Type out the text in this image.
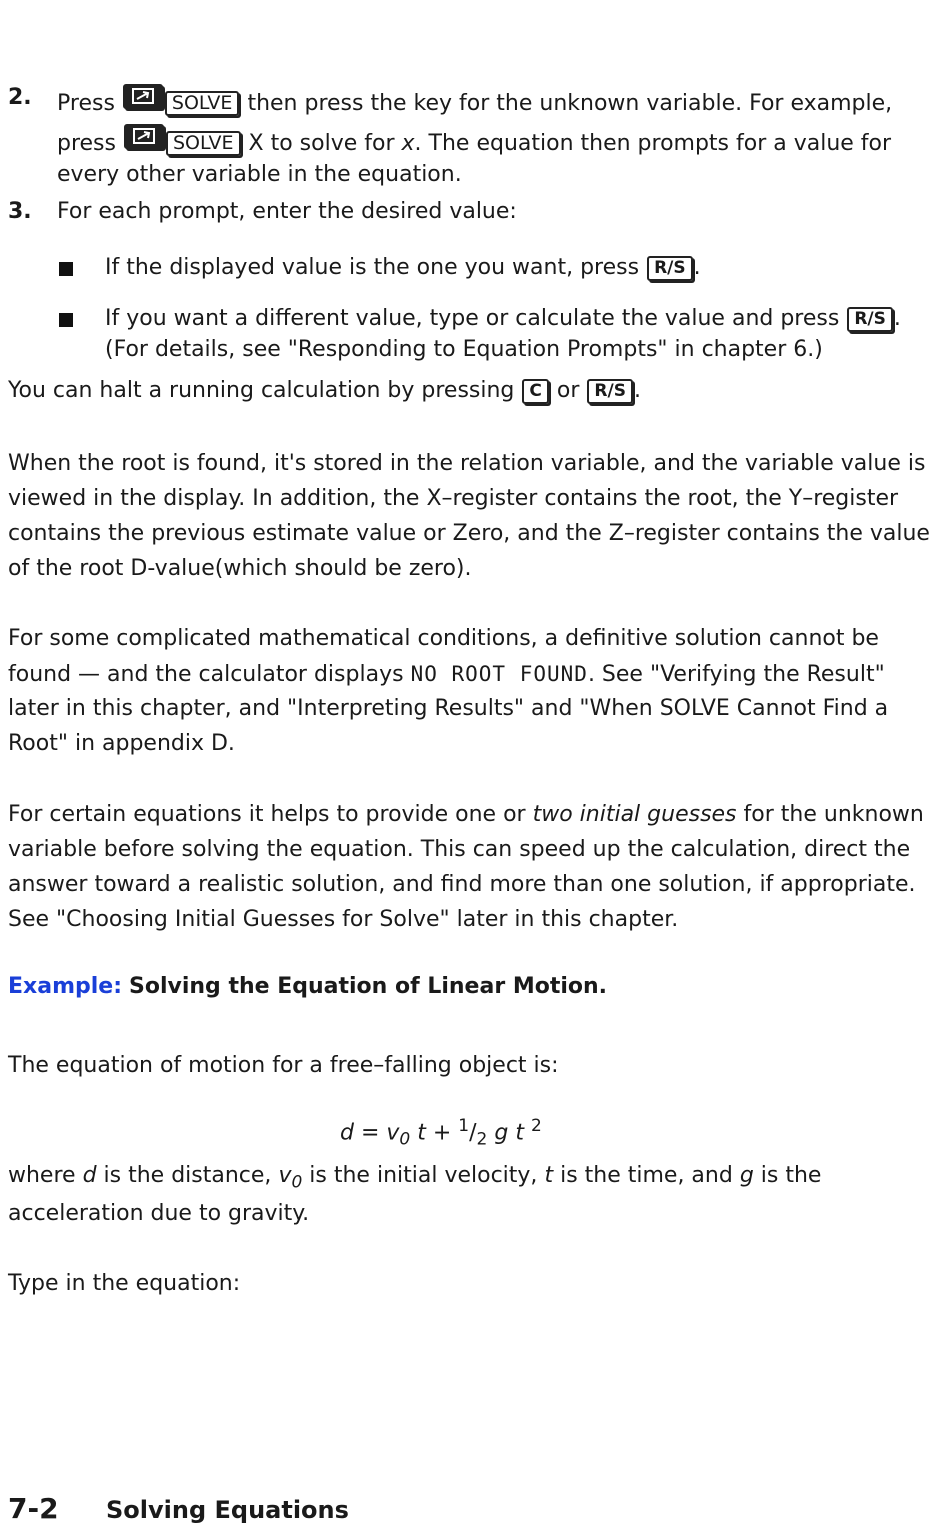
2. Press	SOLVE then press the key for the unknown variable. For example,
press	SOLVE X to solve for x. The equation then prompts for a value for
every other variable in the equation.
3. For each prompt, enter the desired value:
If the displayed value is the one you want, press R/S .
If you want a different value, type or calculate the value and press R/S .
(For details, see "Responding to Equation Prompts" in chapter 6.)
You can halt a running calculation by pressing C or R/S .
When the root is found, it's stored in the relation variable, and the variable value is
viewed in the display. In addition, the X–register contains the root, the Y–register
contains the previous estimate value or Zero, and the Z–register contains the value
of the root D-value(which should be zero).
For some complicated mathematical conditions, a definitive solution cannot be
found — and the calculator displays NO ROOT FOUND. See "Verifying the Result"
later in this chapter, and "Interpreting Results" and "When SOLVE Cannot Find a
Root" in appendix D.
For certain equations it helps to provide one or two initial guesses for the unknown
variable before solving the equation. This can speed up the calculation, direct the
answer toward a realistic solution, and find more than one solution, if appropriate.
See "Choosing Initial Guesses for Solve" later in this chapter.
Example: Solving the Equation of Linear Motion.
The equation of motion for a free–falling object is:
$d = v_0$ $t + ^1/_2$ g t $^2$
where d is the distance, $v_0$ is the initial velocity, t is the time, and g is the
acceleration due to gravity.
Type in the equation:
7-2 Solving Equations
